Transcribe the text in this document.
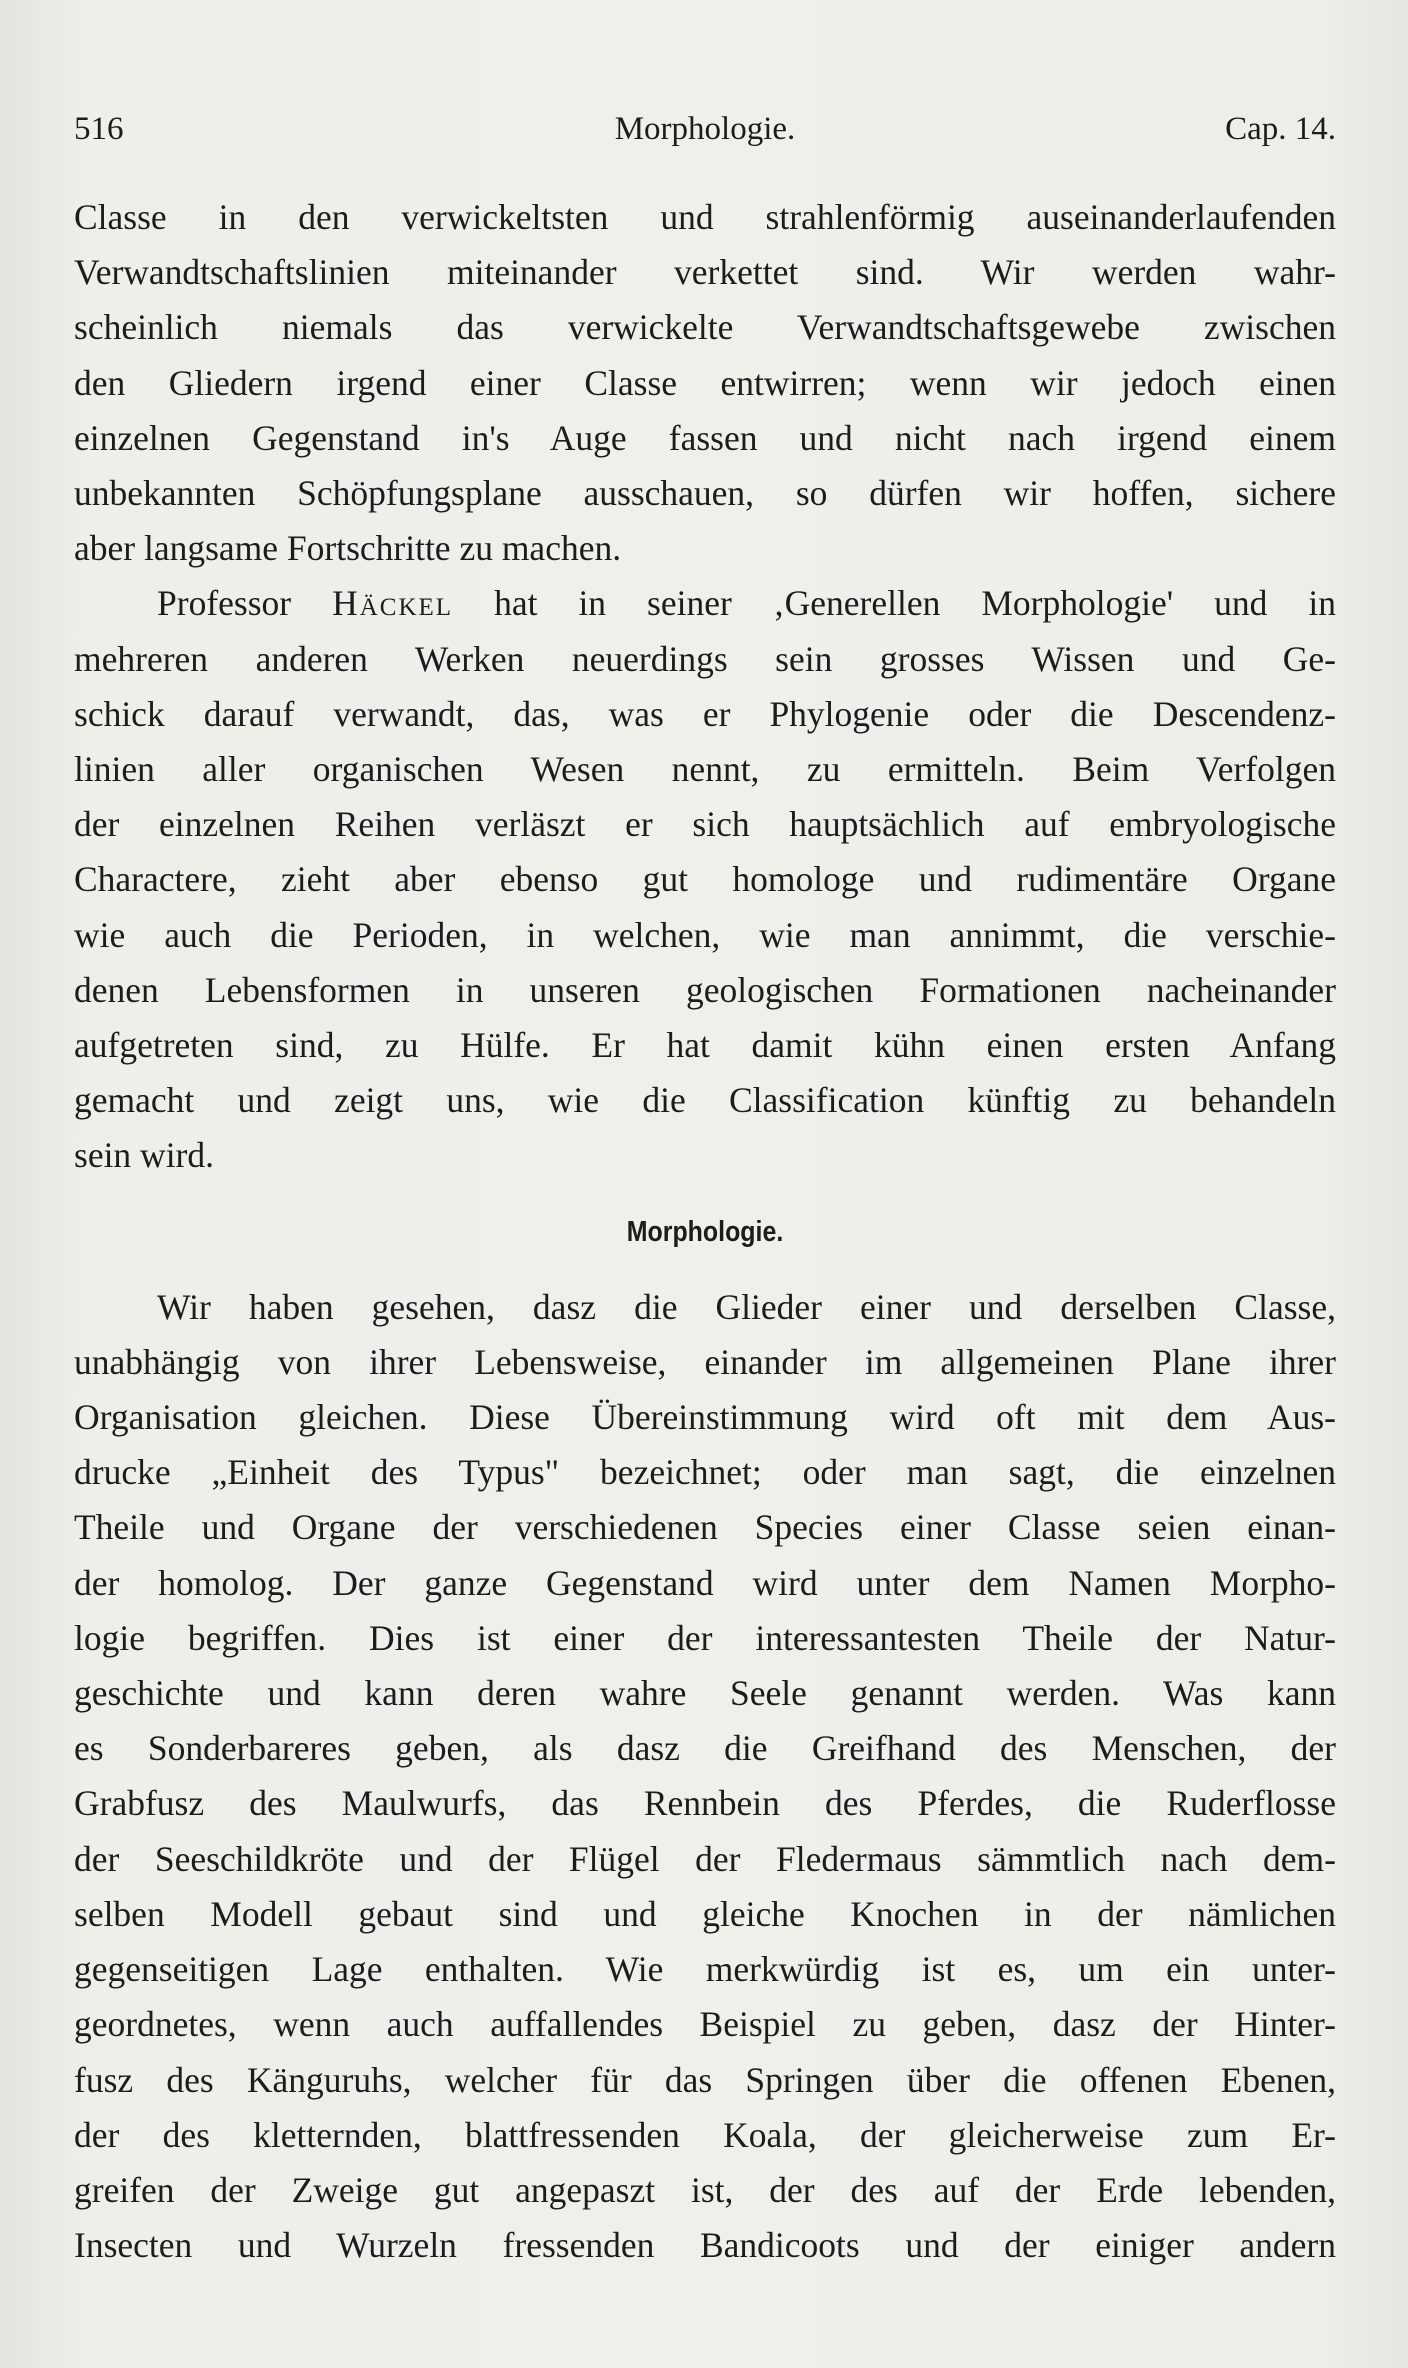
516	Morphologie.	Cap. 14.

Classe in den verwickeltsten und strahlenförmig auseinanderlaufenden
Verwandtschaftslinien miteinander verkettet sind. Wir werden wahr-
scheinlich niemals das verwickelte Verwandtschaftsgewebe zwischen
den Gliedern irgend einer Classe entwirren; wenn wir jedoch einen
einzelnen Gegenstand in's Auge fassen und nicht nach irgend einem
unbekannten Schöpfungsplane ausschauen, so dürfen wir hoffen, sichere
aber langsame Fortschritte zu machen.

Professor Häckel hat in seiner ‚Generellen Morphologie' und in
mehreren anderen Werken neuerdings sein grosses Wissen und Ge-
schick darauf verwandt, das, was er Phylogenie oder die Descendenz-
linien aller organischen Wesen nennt, zu ermitteln. Beim Verfolgen
der einzelnen Reihen verläszt er sich hauptsächlich auf embryologische
Charactere, zieht aber ebenso gut homologe und rudimentäre Organe
wie auch die Perioden, in welchen, wie man annimmt, die verschie-
denen Lebensformen in unseren geologischen Formationen nacheinander
aufgetreten sind, zu Hülfe. Er hat damit kühn einen ersten Anfang
gemacht und zeigt uns, wie die Classification künftig zu behandeln
sein wird.

Morphologie.

Wir haben gesehen, dasz die Glieder einer und derselben Classe,
unabhängig von ihrer Lebensweise, einander im allgemeinen Plane ihrer
Organisation gleichen. Diese Übereinstimmung wird oft mit dem Aus-
drucke „Einheit des Typus" bezeichnet; oder man sagt, die einzelnen
Theile und Organe der verschiedenen Species einer Classe seien einan-
der homolog. Der ganze Gegenstand wird unter dem Namen Morpho-
logie begriffen. Dies ist einer der interessantesten Theile der Natur-
geschichte und kann deren wahre Seele genannt werden. Was kann
es Sonderbareres geben, als dasz die Greifhand des Menschen, der
Grabfusz des Maulwurfs, das Rennbein des Pferdes, die Ruderflosse
der Seeschildkröte und der Flügel der Fledermaus sämmtlich nach dem-
selben Modell gebaut sind und gleiche Knochen in der nämlichen
gegenseitigen Lage enthalten. Wie merkwürdig ist es, um ein unter-
geordnetes, wenn auch auffallendes Beispiel zu geben, dasz der Hinter-
fusz des Känguruhs, welcher für das Springen über die offenen Ebenen,
der des kletternden, blattfressenden Koala, der gleicherweise zum Er-
greifen der Zweige gut angepaszt ist, der des auf der Erde lebenden,
Insecten und Wurzeln fressenden Bandicoots und der einiger andern
